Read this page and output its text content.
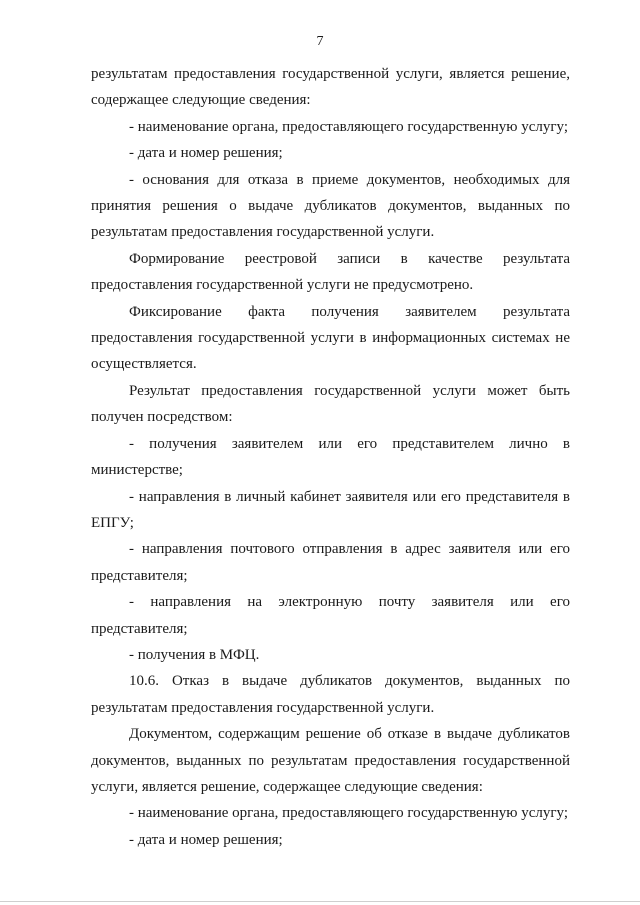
7

результатам предоставления государственной услуги, является решение, содержащее следующие сведения:

- наименование органа, предоставляющего государственную услугу;

- дата и номер решения;

- основания для отказа в приеме документов, необходимых для принятия решения о выдаче дубликатов документов, выданных по результатам предоставления государственной услуги.

Формирование реестровой записи в качестве результата предоставления государственной услуги не предусмотрено.

Фиксирование факта получения заявителем результата предоставления государственной услуги в информационных системах не осуществляется.

Результат предоставления государственной услуги может быть получен посредством:

- получения заявителем или его представителем лично в министерстве;

- направления в личный кабинет заявителя или его представителя в ЕПГУ;

- направления почтового отправления в адрес заявителя или его представителя;

- направления на электронную почту заявителя или его представителя;

- получения в МФЦ.

10.6. Отказ в выдаче дубликатов документов, выданных по результатам предоставления государственной услуги.

Документом, содержащим решение об отказе в выдаче дубликатов документов, выданных по результатам предоставления государственной услуги, является решение, содержащее следующие сведения:

- наименование органа, предоставляющего государственную услугу;

- дата и номер решения;
